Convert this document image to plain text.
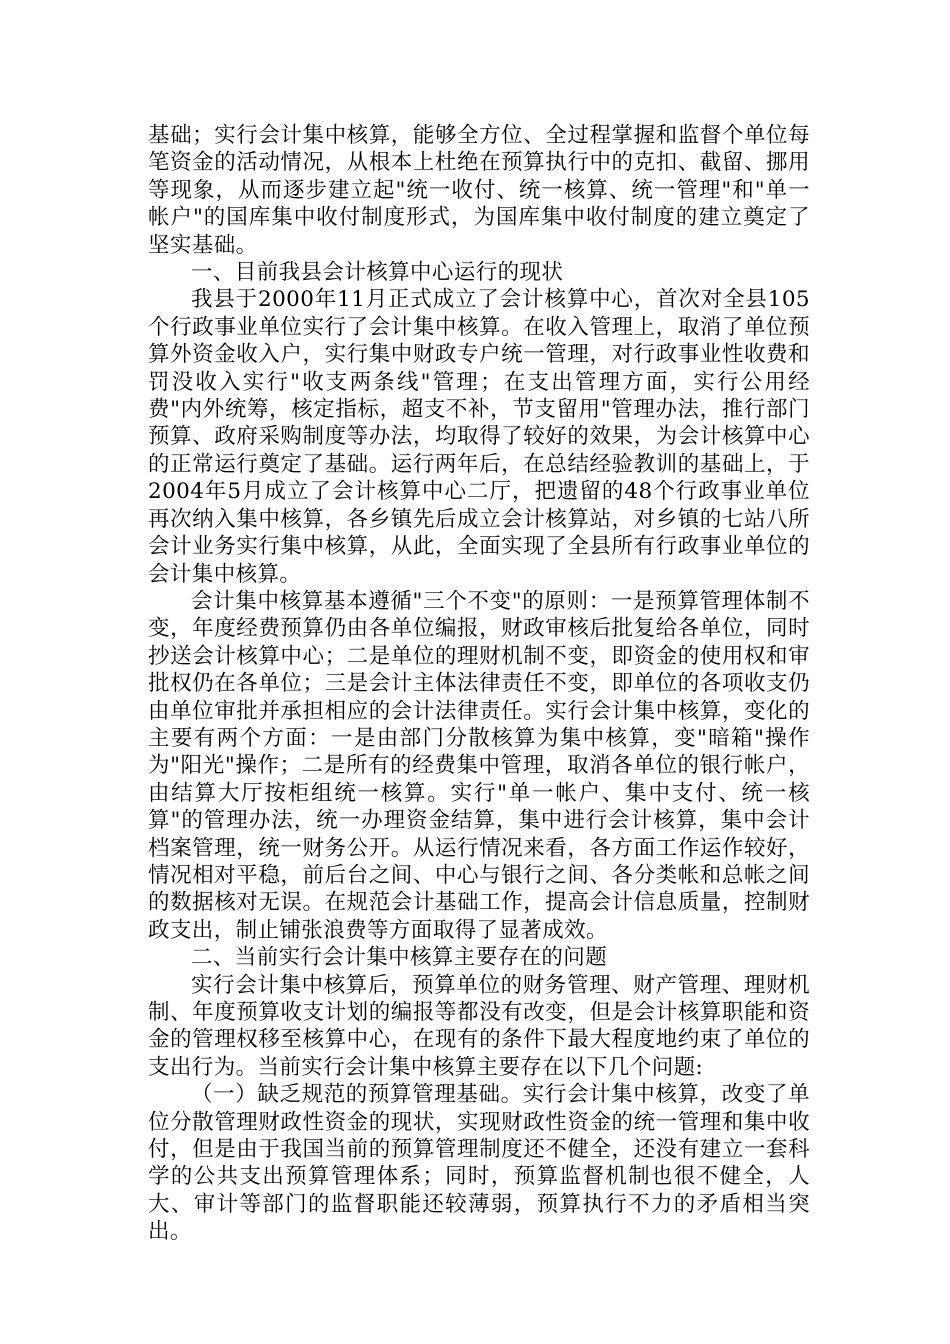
基础；实行会计集中核算，能够全方位、全过程掌握和监督个单位每笔资金的活动情况，从根本上杜绝在预算执行中的克扣、截留、挪用等现象，从而逐步建立起"统一收付、统一核算、统一管理"和"单一帐户"的国库集中收付制度形式，为国库集中收付制度的建立奠定了坚实基础。

一、目前我县会计核算中心运行的现状

我县于2000年11月正式成立了会计核算中心，首次对全县105个行政事业单位实行了会计集中核算。在收入管理上，取消了单位预算外资金收入户，实行集中财政专户统一管理，对行政事业性收费和罚没收入实行"收支两条线"管理；在支出管理方面，实行公用经费"内外统筹，核定指标，超支不补，节支留用"管理办法，推行部门预算、政府采购制度等办法，均取得了较好的效果，为会计核算中心的正常运行奠定了基础。运行两年后，在总结经验教训的基础上，于2004年5月成立了会计核算中心二厅，把遗留的48个行政事业单位再次纳入集中核算，各乡镇先后成立会计核算站，对乡镇的七站八所会计业务实行集中核算，从此，全面实现了全县所有行政事业单位的会计集中核算。

会计集中核算基本遵循"三个不变"的原则：一是预算管理体制不变，年度经费预算仍由各单位编报，财政审核后批复给各单位，同时抄送会计核算中心；二是单位的理财机制不变，即资金的使用权和审批权仍在各单位；三是会计主体法律责任不变，即单位的各项收支仍由单位审批并承担相应的会计法律责任。实行会计集中核算，变化的主要有两个方面：一是由部门分散核算为集中核算，变"暗箱"操作为"阳光"操作；二是所有的经费集中管理，取消各单位的银行帐户，由结算大厅按柜组统一核算。实行"单一帐户、集中支付、统一核算"的管理办法，统一办理资金结算，集中进行会计核算，集中会计档案管理，统一财务公开。从运行情况来看，各方面工作运作较好，情况相对平稳，前后台之间、中心与银行之间、各分类帐和总帐之间的数据核对无误。在规范会计基础工作，提高会计信息质量，控制财政支出，制止铺张浪费等方面取得了显著成效。

二、当前实行会计集中核算主要存在的问题

实行会计集中核算后，预算单位的财务管理、财产管理、理财机制、年度预算收支计划的编报等都没有改变，但是会计核算职能和资金的管理权移至核算中心，在现有的条件下最大程度地约束了单位的支出行为。当前实行会计集中核算主要存在以下几个问题:

（一）缺乏规范的预算管理基础。实行会计集中核算，改变了单位分散管理财政性资金的现状，实现财政性资金的统一管理和集中收付，但是由于我国当前的预算管理制度还不健全，还没有建立一套科学的公共支出预算管理体系；同时，预算监督机制也很不健全，人大、审计等部门的监督职能还较薄弱，预算执行不力的矛盾相当突出。
